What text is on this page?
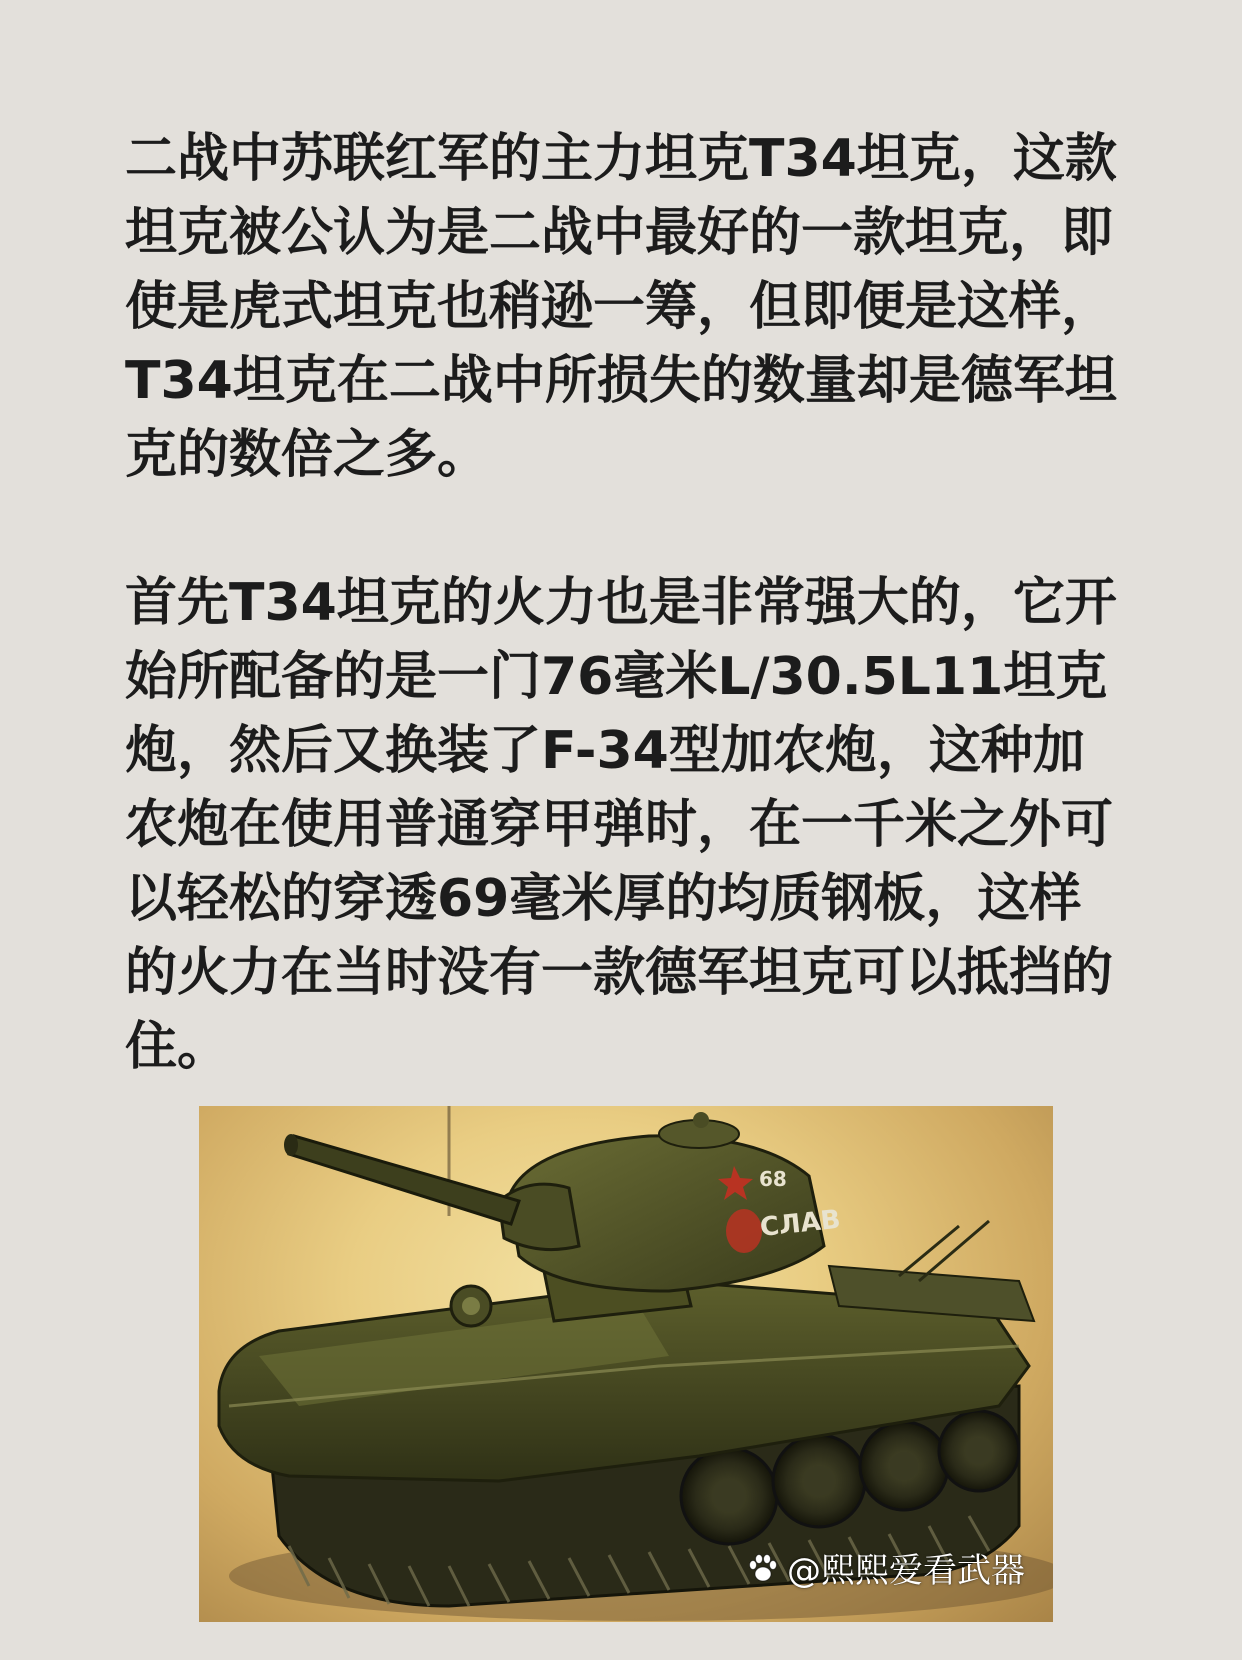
二战中苏联红军的主力坦克T34坦克，这款坦克被公认为是二战中最好的一款坦克，即使是虎式坦克也稍逊一筹，但即便是这样，T34坦克在二战中所损失的数量却是德军坦克的数倍之多。

首先T34坦克的火力也是非常强大的，它开始所配备的是一门76毫米L/30.5L11坦克炮，然后又换装了F-34型加农炮，这种加农炮在使用普通穿甲弹时，在一千米之外可以轻松的穿透69毫米厚的均质钢板，这样的火力在当时没有一款德军坦克可以抵挡的住。

68
СЛАВ
@熙熙爱看武器
